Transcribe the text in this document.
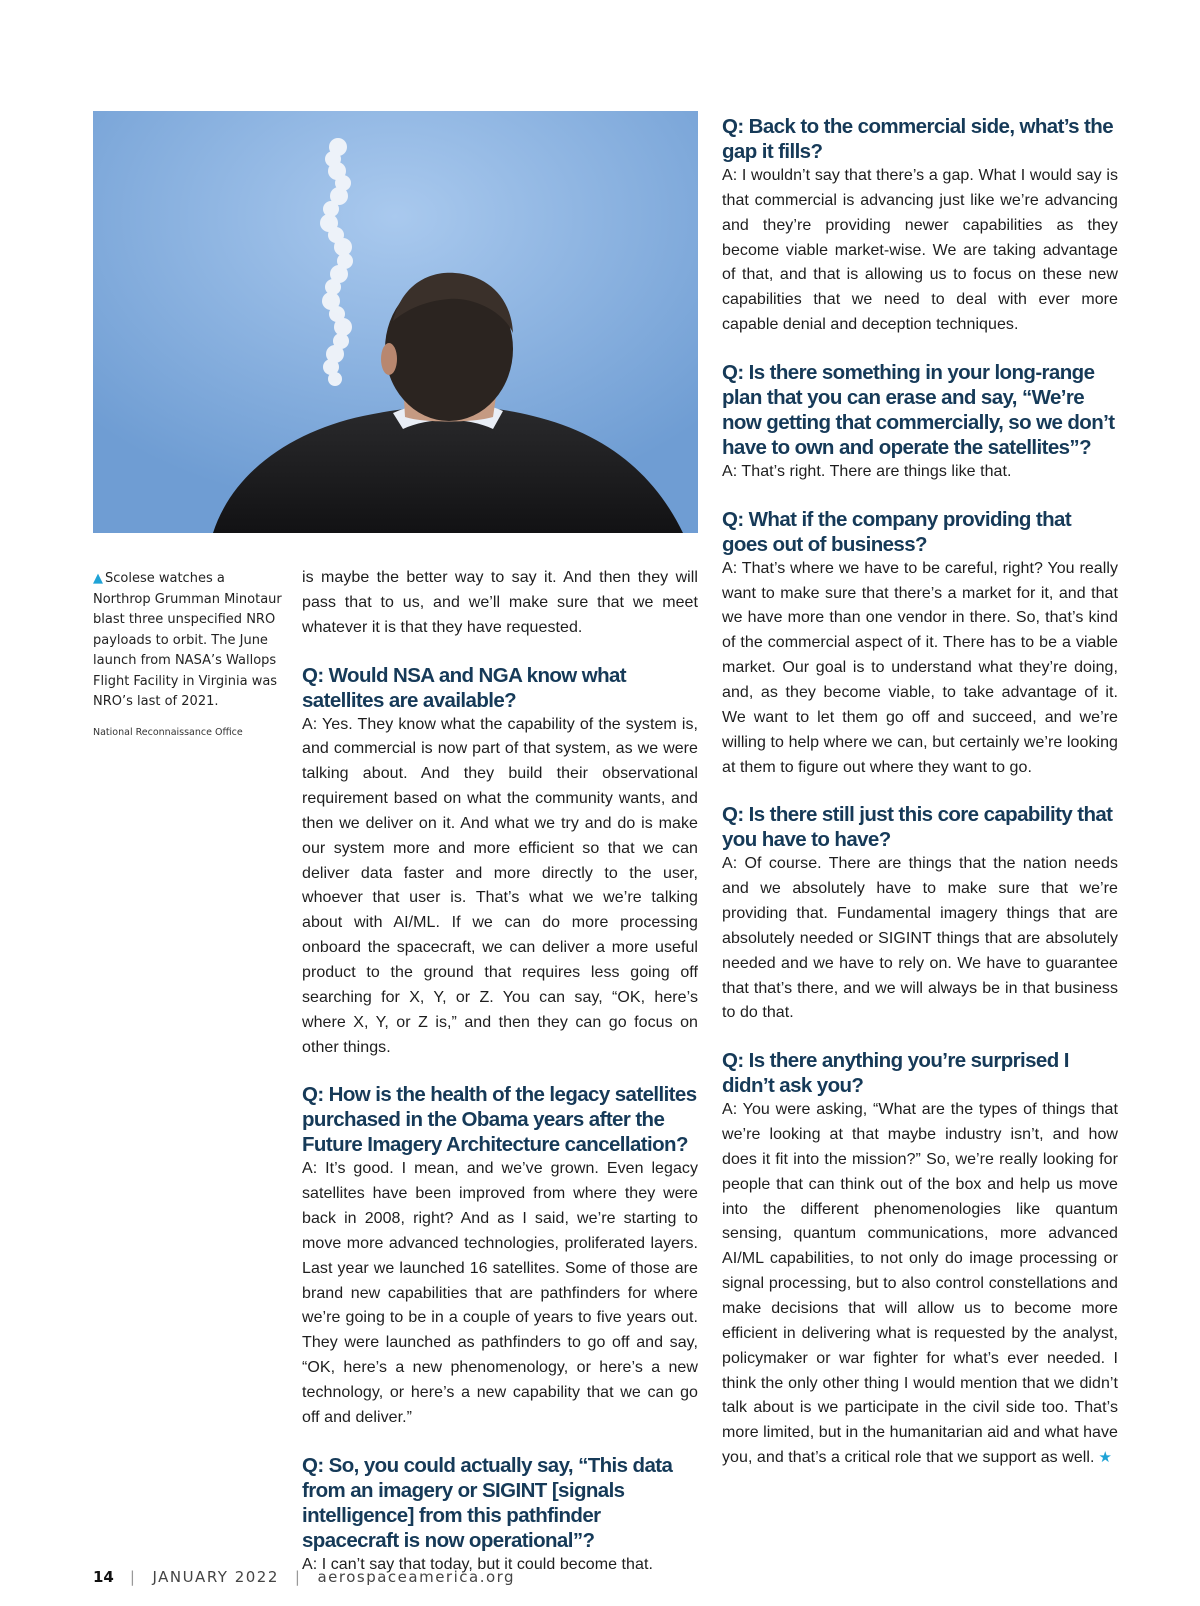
▲ Scolese watches a Northrop Grumman Minotaur blast three unspecified NRO payloads to orbit. The June launch from NASA’s Wallops Flight Facility in Virginia was NRO’s last of 2021.
National Reconnaissance Office

is maybe the better way to say it. And then they will pass that to us, and we’ll make sure that we meet whatever it is that they have requested.

Q: Would NSA and NGA know what satellites are available?

A: Yes. They know what the capability of the system is, and commercial is now part of that system, as we were talking about. And they build their observational requirement based on what the community wants, and then we deliver on it. And what we try and do is make our system more and more efficient so that we can deliver data faster and more directly to the user, whoever that user is. That’s what we we’re talking about with AI/ML. If we can do more processing onboard the spacecraft, we can deliver a more useful product to the ground that requires less going off searching for X, Y, or Z. You can say, “OK, here’s where X, Y, or Z is,” and then they can go focus on other things.

Q: How is the health of the legacy satellites purchased in the Obama years after the Future Imagery Architecture cancellation?

A: It’s good. I mean, and we’ve grown. Even legacy satellites have been improved from where they were back in 2008, right? And as I said, we’re starting to move more advanced technologies, proliferated layers. Last year we launched 16 satellites. Some of those are brand new capabilities that are pathfinders for where we’re going to be in a couple of years to five years out. They were launched as pathfinders to go off and say, “OK, here’s a new phenomenology, or here’s a new technology, or here’s a new capability that we can go off and deliver.”

Q: So, you could actually say, “This data from an imagery or SIGINT [signals intelligence] from this pathfinder spacecraft is now operational”?

A: I can’t say that today, but it could become that.

Q: Back to the commercial side, what’s the gap it fills?

A: I wouldn’t say that there’s a gap. What I would say is that commercial is advancing just like we’re advancing and they’re providing newer capabilities as they become viable market-wise. We are taking advantage of that, and that is allowing us to focus on these new capabilities that we need to deal with ever more capable denial and deception techniques.

Q: Is there something in your long-range plan that you can erase and say, “We’re now getting that commercially, so we don’t have to own and operate the satellites”?

A: That’s right. There are things like that.

Q: What if the company providing that goes out of business?

A: That’s where we have to be careful, right? You really want to make sure that there’s a market for it, and that we have more than one vendor in there. So, that’s kind of the commercial aspect of it. There has to be a viable market. Our goal is to understand what they’re doing, and, as they become viable, to take advantage of it. We want to let them go off and succeed, and we’re willing to help where we can, but certainly we’re looking at them to figure out where they want to go.

Q: Is there still just this core capability that you have to have?

A: Of course. There are things that the nation needs and we absolutely have to make sure that we’re providing that. Fundamental imagery things that are absolutely needed or SIGINT things that are absolutely needed and we have to rely on. We have to guarantee that that’s there, and we will always be in that business to do that.

Q: Is there anything you’re surprised I didn’t ask you?

A: You were asking, “What are the types of things that we’re looking at that maybe industry isn’t, and how does it fit into the mission?” So, we’re really looking for people that can think out of the box and help us move into the different phenomenologies like quantum sensing, quantum communications, more advanced AI/ML capabilities, to not only do image processing or signal processing, but to also control constellations and make decisions that will allow us to become more efficient in delivering what is requested by the analyst, policymaker or war fighter for what’s ever needed. I think the only other thing I would mention that we didn’t talk about is we participate in the civil side too. That’s more limited, but in the humanitarian aid and what have you, and that’s a critical role that we support as well. ★

14 | JANUARY 2022 | aerospaceamerica.org
